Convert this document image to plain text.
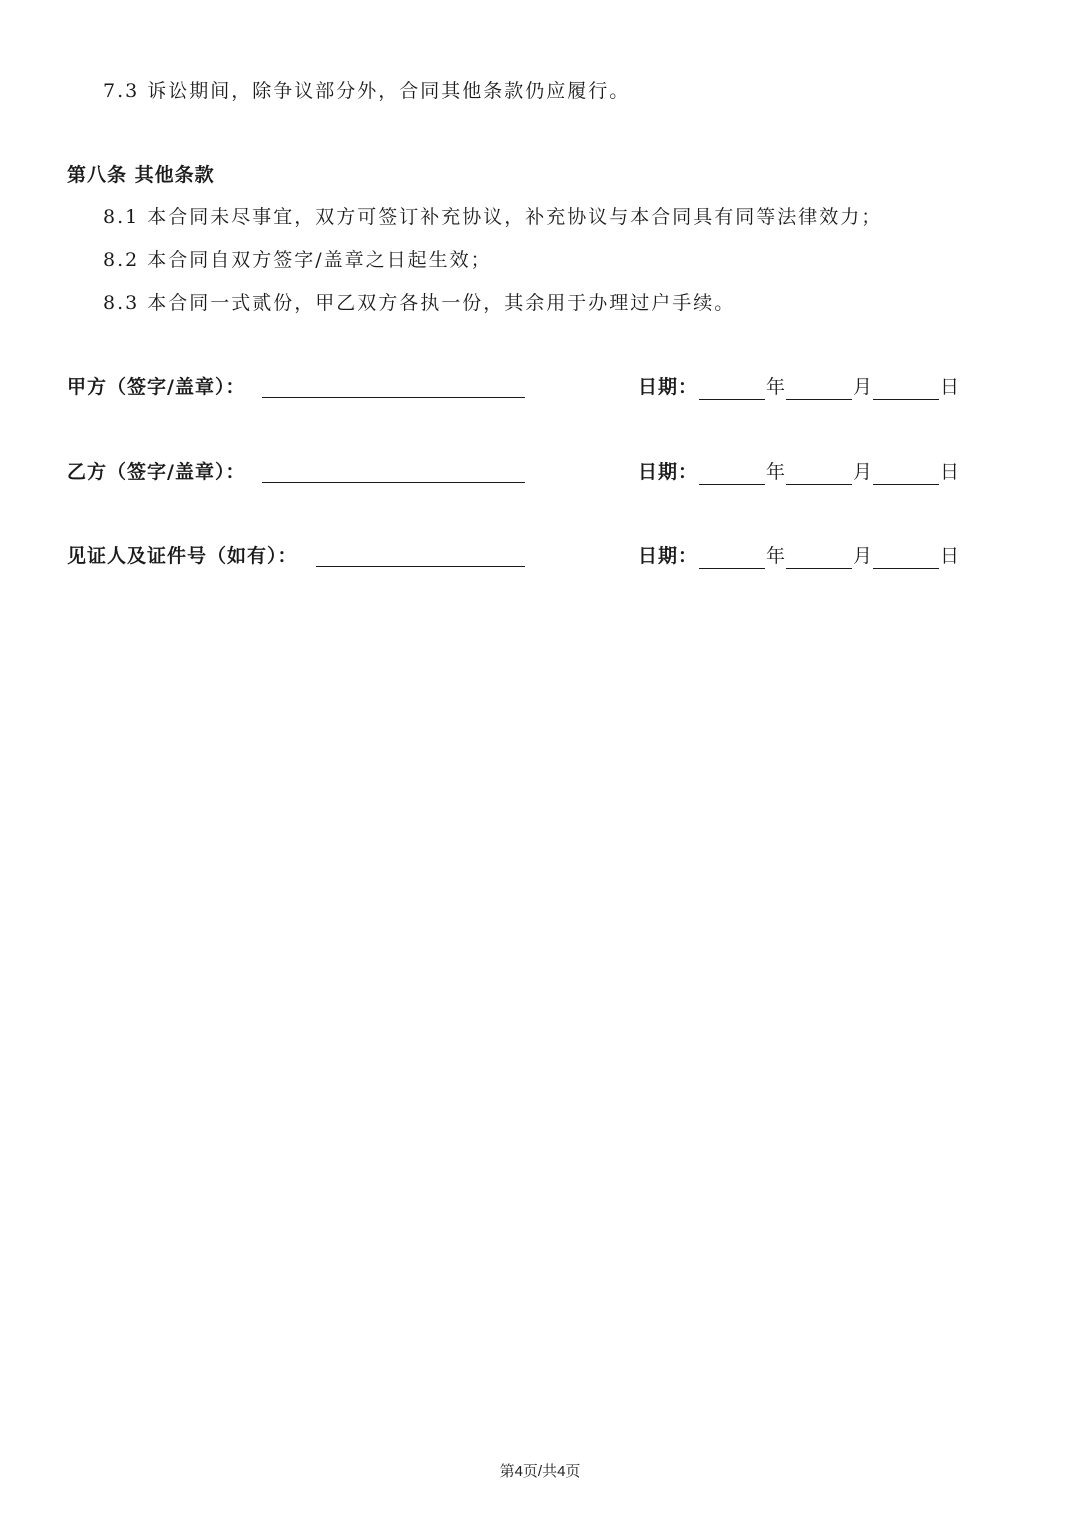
7.3 诉讼期间，除争议部分外，合同其他条款仍应履行。
第八条 其他条款
8.1 本合同未尽事宜，双方可签订补充协议，补充协议与本合同具有同等法律效力；
8.2 本合同自双方签字/盖章之日起生效；
8.3 本合同一式贰份，甲乙双方各执一份，其余用于办理过户手续。
甲方（签字/盖章）：	日期：	年	月	日
乙方（签字/盖章）：	日期：	年	月	日
见证人及证件号（如有）：	日期：	年	月	日
第4页/共4页
